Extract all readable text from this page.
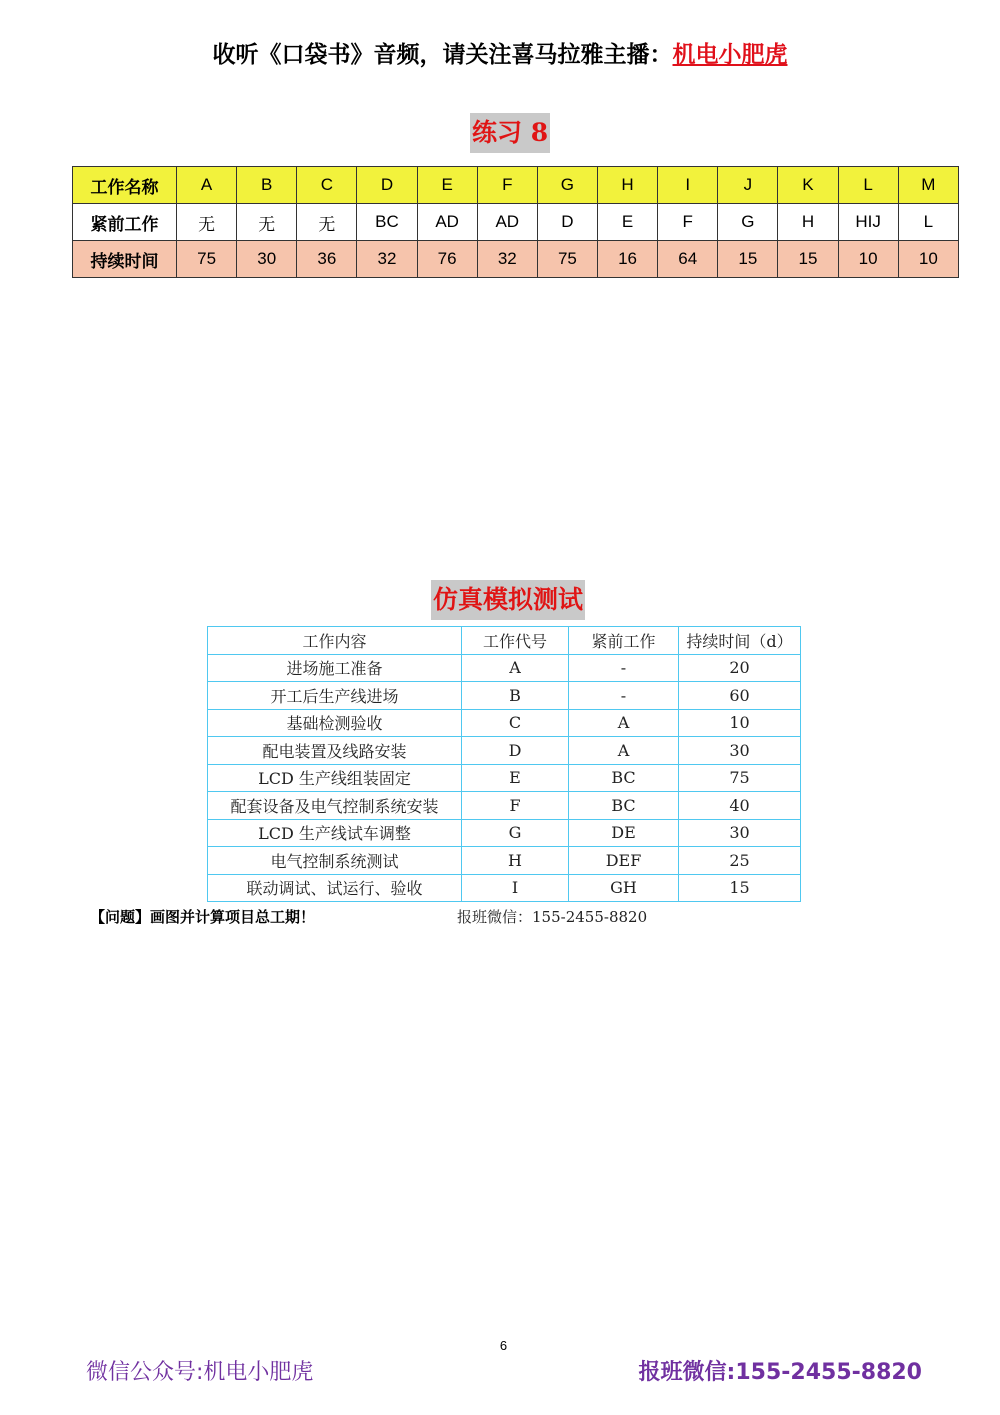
收听《口袋书》音频，请关注喜马拉雅主播：机电小肥虎
练习 8
工作名称	A	B	C	D	E	F	G	H	I	J	K	L	M
紧前工作	无	无	无	BC	AD	AD	D	E	F	G	H	HIJ	L
持续时间	75	30	36	32	76	32	75	16	64	15	15	10	10
仿真模拟测试
工作内容	工作代号	紧前工作	持续时间（d）
进场施工准备	A	-	20
开工后生产线进场	B	-	60
基础检测验收	C	A	10
配电装置及线路安装	D	A	30
LCD 生产线组装固定	E	BC	75
配套设备及电气控制系统安装	F	BC	40
LCD 生产线试车调整	G	DE	30
电气控制系统测试	H	DEF	25
联动调试、试运行、验收	I	GH	15
【问题】画图并计算项目总工期！	报班微信：155-2455-8820
6
微信公众号:机电小肥虎	报班微信:155-2455-8820
